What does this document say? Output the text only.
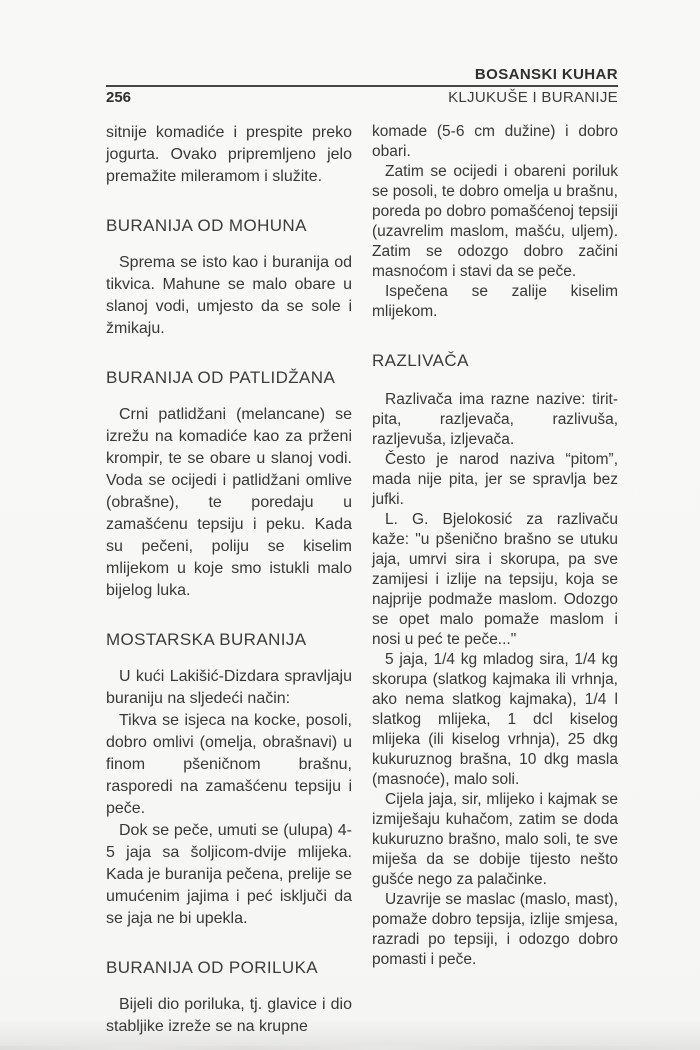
BOSANSKI KUHAR
256	KLJUKUŠE I BURANIJE

sitnije komadiće i prespite preko jogurta. Ovako pripremljeno jelo premažite mileramom i služite.

BURANIJA OD MOHUNA

Sprema se isto kao i buranija od tikvica. Mahune se malo obare u slanoj vodi, umjesto da se sole i žmikaju.

BURANIJA OD PATLIDŽANA

Crni patlidžani (melancane) se izrežu na komadiće kao za prženi krompir, te se obare u slanoj vodi. Voda se ocijedi i patlidžani omlive (obrašne), te poredaju u zamašćenu tepsiju i peku. Kada su pečeni, poliju se kiselim mlijekom u koje smo istukli malo bijelog luka.

MOSTARSKA BURANIJA

U kući Lakišić-Dizdara spravljaju buraniju na sljedeći način:

Tikva se isjeca na kocke, posoli, dobro omlivi (omelja, obrašnavi) u finom pšeničnom brašnu, rasporedi na zamašćenu tepsiju i peče.

Dok se peče, umuti se (ulupa) 4-5 jaja sa šoljicom-dvije mlijeka. Kada je buranija pečena, prelije se umućenim jajima i peć isključi da se jaja ne bi upekla.

BURANIJA OD PORILUKA

Bijeli dio poriluka, tj. glavice i dio stabljike izreže se na krupne

komade (5-6 cm dužine) i dobro obari.

Zatim se ocijedi i obareni poriluk se posoli, te dobro omelja u brašnu, poreda po dobro pomašćenoj tepsiji (uzavrelim maslom, mašću, uljem). Zatim se odozgo dobro začini masnoćom i stavi da se peče.

Ispečena se zalije kiselim mlijekom.

RAZLIVAČA

Razlivača ima razne nazive: tirit-pita, razljevača, razlivuša, razljevuša, izljevača.

Često je narod naziva “pitom”, mada nije pita, jer se spravlja bez jufki.

L. G. Bjelokosić za razlivaču kaže: "u pšenično brašno se utuku jaja, umrvi sira i skorupa, pa sve zamijesi i izlije na tepsiju, koja se najprije podmaže maslom. Odozgo se opet malo pomaže maslom i nosi u peć te peče..."

5 jaja, 1/4 kg mladog sira, 1/4 kg skorupa (slatkog kajmaka ili vrhnja, ako nema slatkog kajmaka), 1/4 l slatkog mlijeka, 1 dcl kiselog mlijeka (ili kiselog vrhnja), 25 dkg kukuruznog brašna, 10 dkg masla (masnoće), malo soli.

Cijela jaja, sir, mlijeko i kajmak se izmiješaju kuhačom, zatim se doda kukuruzno brašno, malo soli, te sve miješa da se dobije tijesto nešto gušće nego za palačinke.

Uzavrije se maslac (maslo, mast), pomaže dobro tepsija, izlije smjesa, razradi po tepsiji, i odozgo dobro pomasti i peče.
